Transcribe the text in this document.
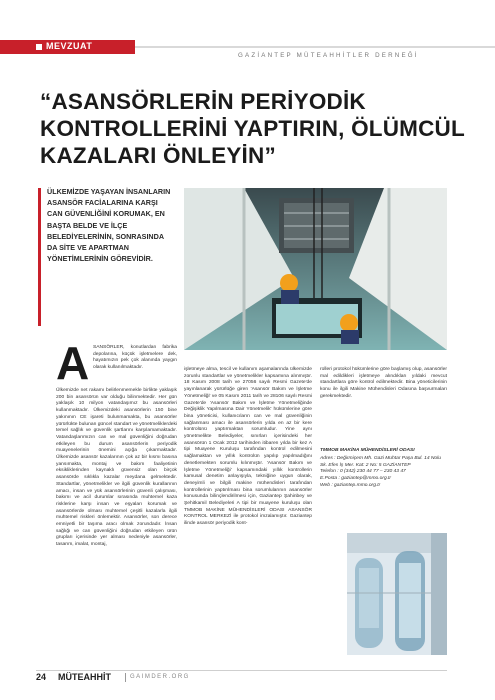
MEVZUAT
GAZİANTEP MÜTEAHHİTLER DERNEĞİ
“ASANSÖRLERİN PERİYODİK KONTROLLERİNİ YAPTIRIN, ÖLÜMCÜL KAZALARI ÖNLEYİN”
ÜLKEMİZDE YAŞAYAN İNSANLARIN ASANSÖR FACİALARINA KARŞI CAN GÜVENLİĞİNİ KORUMAK, EN BAŞTA BELDE VE İLÇE BELEDİYELERİNİN, SONRASINDA DA SİTE VE APARTMAN YÖNETİMLERİNİN GÖREVİDİR.
A SANSÖRLER, konutlardan fabrika depolarına, küçük işletmelere dek, hayatımızın pek çok alanında yaygın olarak kullanılmaktadır.
Ülkemizde net rakamı belirlenmemekle birlikte yaklaşık 200 bin asansörün var olduğu bilinmektedir. Her gün yaklaşık 10 milyon vatandaşımız bu asansörleri kullanmaktadır. Ülkemizdeki asansörlerin 150 bine yakınının CE işareti bulunmamakta, bu asansörler yürürlükte bulunan güncel standart ve yönetmeliklerdeki temel sağlık ve güvenlik şartlarını karşılamamaktadır. Vatandaşlarımızın can ve mal güvenliğini doğrudan etkileyen bu durum asansörlerin periyodik muayenelerinin önemini açığa çıkarmaktadır. Ülkemizde asansör kazalarının çok az bir kısmı basına yansımakta, montaj ve bakım faaliyetinin eksikliklerinden kaynaklı güvensiz olan birçok asansörde sıklıkla kazalar meydana gelmektedir. Standartlar, yönetmelikler ve ilgili güvenlik kurallarının amacı, insan ve yük asansörlerinin güvenli çalışması, bakımı ve acil durumlar sırasında muhtemel kaza risklerine karşı insan ve eşyaları korumak ve asansörlerde olması muhtemel çeşitli kazalarla ilgili muhtemel riskleri önlemektir. Asansörler, son derece emniyetli bir taşıma aracı olmak zorundadır. İnsan sağlığı ve can güvenliğini doğrudan etkileyen ürün grupları içerisinde yer alması nedeniyle asansörler, tasarım, imalat, montaj,
işletmeye alma, tescil ve kullanım aşamalarında ülkemizde zorunlu standartlar ve yönetmelikler kapsamına alınmıştır. 18 Kasım 2008 tarih ve 27056 sayılı Resmi Gazete'de yayınlanarak yürürlüğe giren 'Asansör Bakım ve İşletme Yönetmeliği' ve 05 Kasım 2011 tarih ve 28106 sayılı Resmi Gazete'de 'Asansör Bakım ve İşletme Yönetmeliğinde Değişiklik Yapılmasına Dair Yönetmelik' hükümlerine göre bina yöneticisi, kullanıcıların can ve mal güvenliğinin sağlanması amacı ile asansörlerin yılda en az bir kere kontrolünü yaptırmaktan sorumludur. Yine aynı yönetmelikte Belediyeler, sınırları içerisindeki her asansörün 1 Ocak 2012 tarihinden itibaren yılda bir kez A tipi Muayene Kuruluşu tarafından kontrol edilmesini sağlamaktan ve yıllık kontrolün yapılıp yapılmadığını denetlemekten sorumlu kılınmıştır. 'Asansör Bakım ve İşletme Yönetmeliği' kapsamındaki yıllık kontrollerin kamusal denetim anlayışıyla, tekniğine uygun olarak, deneyimli ve bilgili makine mühendisleri tarafından kontrollerinin yaptırılması bina sorumlularının asansörler konusunda bilinçlendirilmesi için, Gaziantep Şahinbey ve Şehitkamil Belediyeleri A tipi bir muayene kuruluşu olan TMMOB MAKİNE MÜHENDİSLERİ ODASI ASANSÖR KONTROL MERKEZİ ile protokol imzalamıştır. Gaziantep ilinde asansör periyodik kont-
rolleri protokol hükümlerine göre başlamış olup, asansörler mal edildikleri işletmeye alındıkları yıldaki mevcut standartlara göre kontrol edilmektedir. Bina yöneticilerinin konu ile ilgili Makine Mühendisleri Odasına başvurmaları gerekmektedir.
TMMOB MAKİNA MÜHENDİSLERİ ODASI
Adres : Değirmiçem Mh. Gazi Muhtar Paşa Bul. 14 Nolu Sk. Efes İş Mer. Kat: 2 No: 5 GAZİANTEP
Telefon : 0 (342) 230 44 77 – 230 43 47
E.Posta : gaziantep@mmo.org.tr
Web : gaziantep.mmo.org.tr
24 MÜTEAHHİT	GAIMDER.ORG
